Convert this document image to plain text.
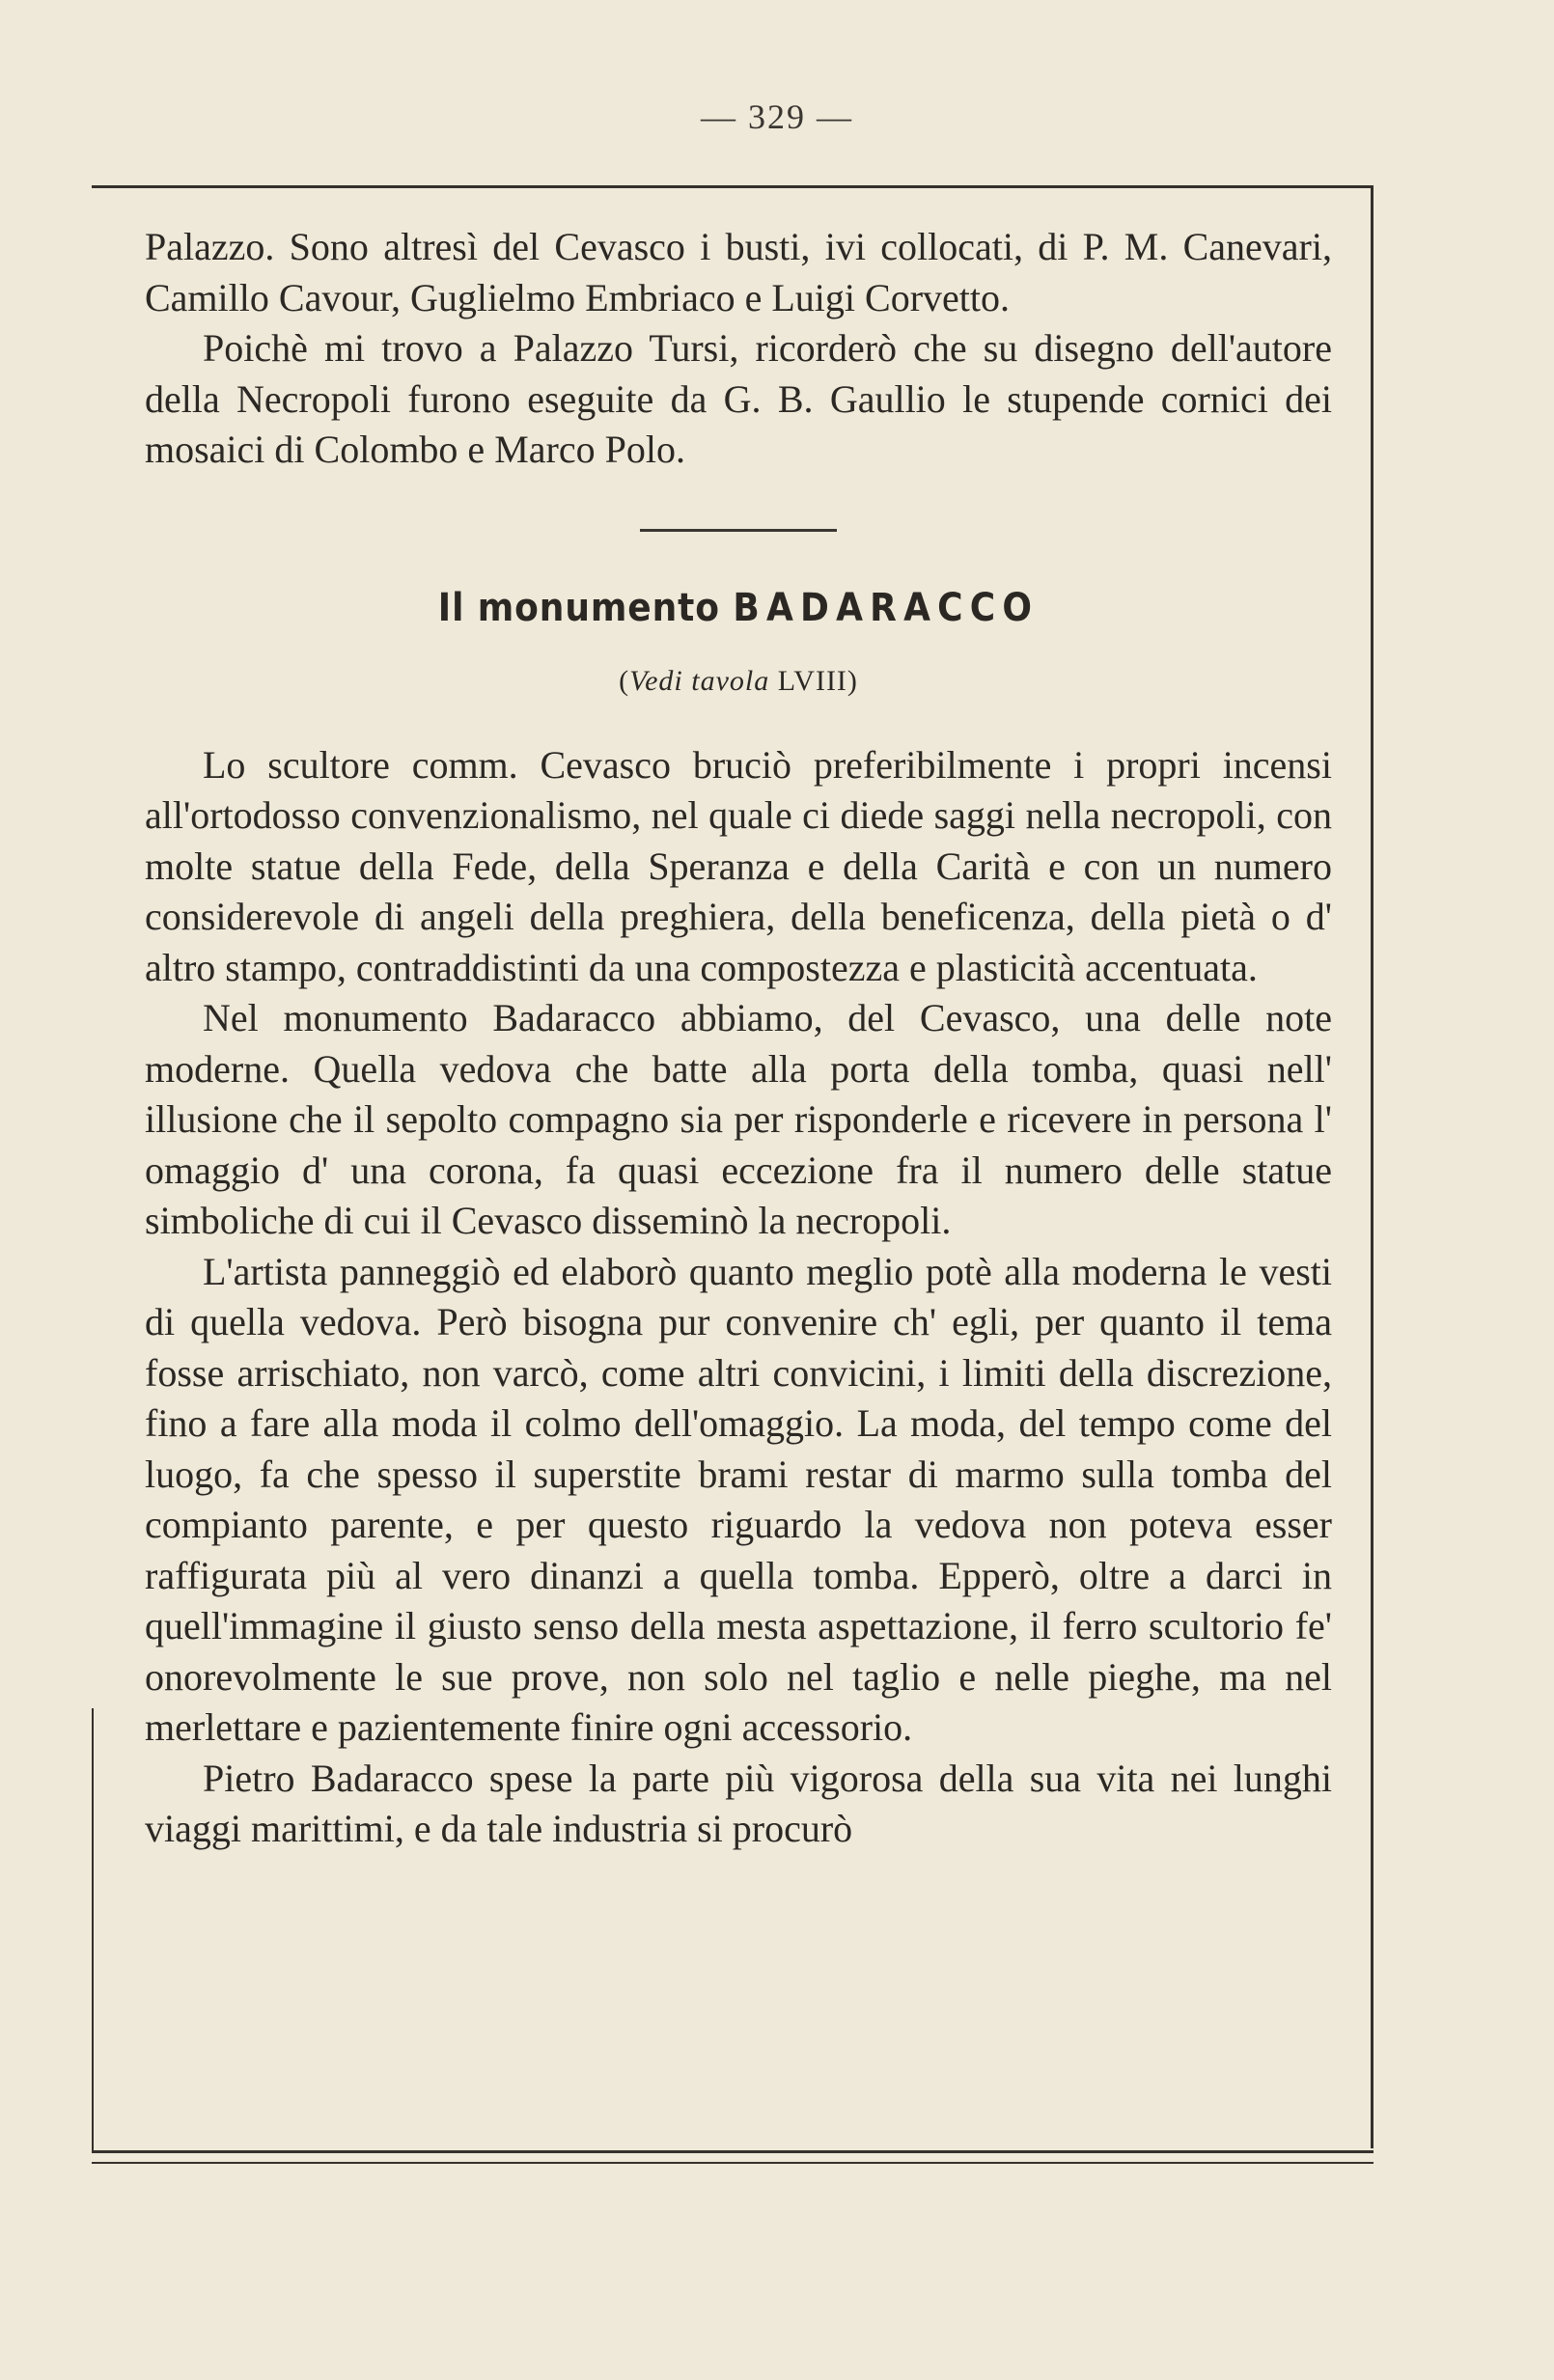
— 329 —

Palazzo. Sono altresì del Cevasco i busti, ivi collocati, di P. M. Canevari, Camillo Cavour, Guglielmo Embriaco e Luigi Corvetto.

Poichè mi trovo a Palazzo Tursi, ricorderò che su disegno dell'autore della Necropoli furono eseguite da G. B. Gaullio le stupende cornici dei mosaici di Colombo e Marco Polo.

Il monumento BADARACCO
(Vedi tavola LVIII)

Lo scultore comm. Cevasco bruciò preferibilmente i propri incensi all'ortodosso convenzionalismo, nel quale ci diede saggi nella necropoli, con molte statue della Fede, della Speranza e della Carità e con un numero considerevole di angeli della preghiera, della beneficenza, della pietà o d' altro stampo, contraddistinti da una compostezza e plasticità accentuata.

Nel monumento Badaracco abbiamo, del Cevasco, una delle note moderne. Quella vedova che batte alla porta della tomba, quasi nell' illusione che il sepolto compagno sia per risponderle e ricevere in persona l' omaggio d' una corona, fa quasi eccezione fra il numero delle statue simboliche di cui il Cevasco disseminò la necropoli.

L'artista panneggiò ed elaborò quanto meglio potè alla moderna le vesti di quella vedova. Però bisogna pur convenire ch' egli, per quanto il tema fosse arrischiato, non varcò, come altri convicini, i limiti della discrezione, fino a fare alla moda il colmo dell'omaggio. La moda, del tempo come del luogo, fa che spesso il superstite brami restar di marmo sulla tomba del compianto parente, e per questo riguardo la vedova non poteva esser raffigurata più al vero dinanzi a quella tomba. Epperò, oltre a darci in quell'immagine il giusto senso della mesta aspettazione, il ferro scultorio fe' onorevolmente le sue prove, non solo nel taglio e nelle pieghe, ma nel merlettare e pazientemente finire ogni accessorio.

Pietro Badaracco spese la parte più vigorosa della sua vita nei lunghi viaggi marittimi, e da tale industria si procurò
